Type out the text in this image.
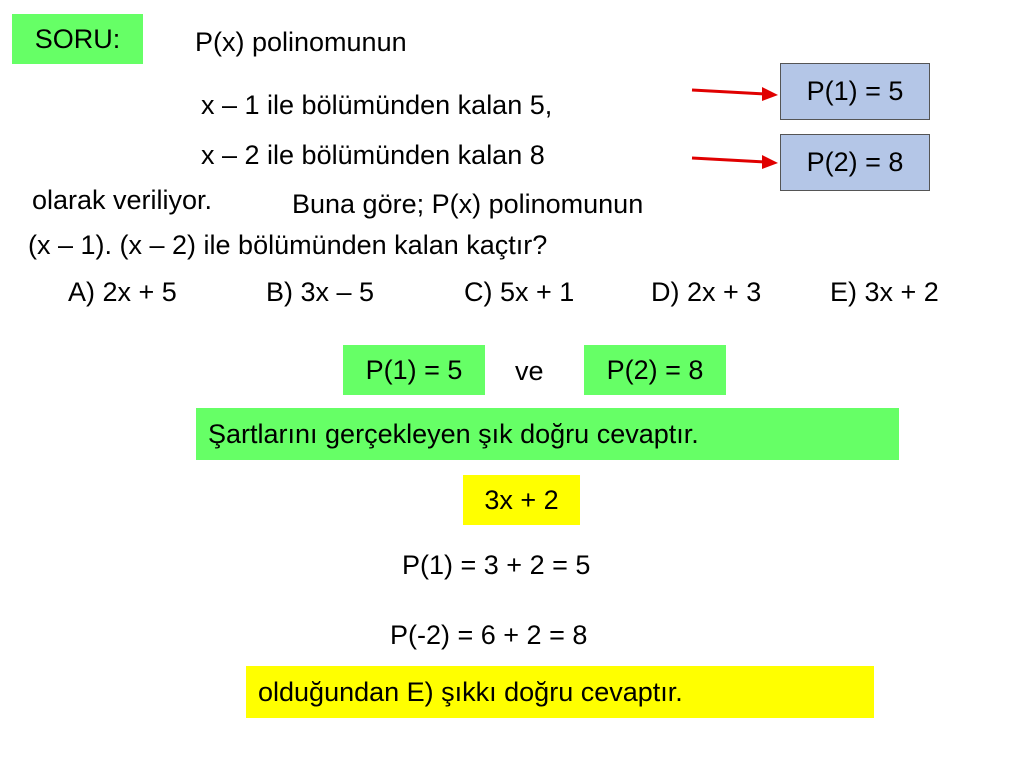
SORU:	P(x) polinomunun
x – 1 ile bölümünden kalan 5,
x – 2 ile bölümünden kalan 8
olarak veriliyor.	Buna göre; P(x) polinomunun
(x – 1). (x – 2) ile bölümünden kalan kaçtır?
P(1) = 5
P(2) = 8
A) 2x + 5	B) 3x – 5	C) 5x + 1	D) 2x + 3	E) 3x + 2
P(1) = 5 ve P(2) = 8
Şartlarını gerçekleyen şık doğru cevaptır.
3x + 2
P(1) = 3 + 2 = 5
P(-2) = 6 + 2 = 8
olduğundan E) şıkkı doğru cevaptır.
